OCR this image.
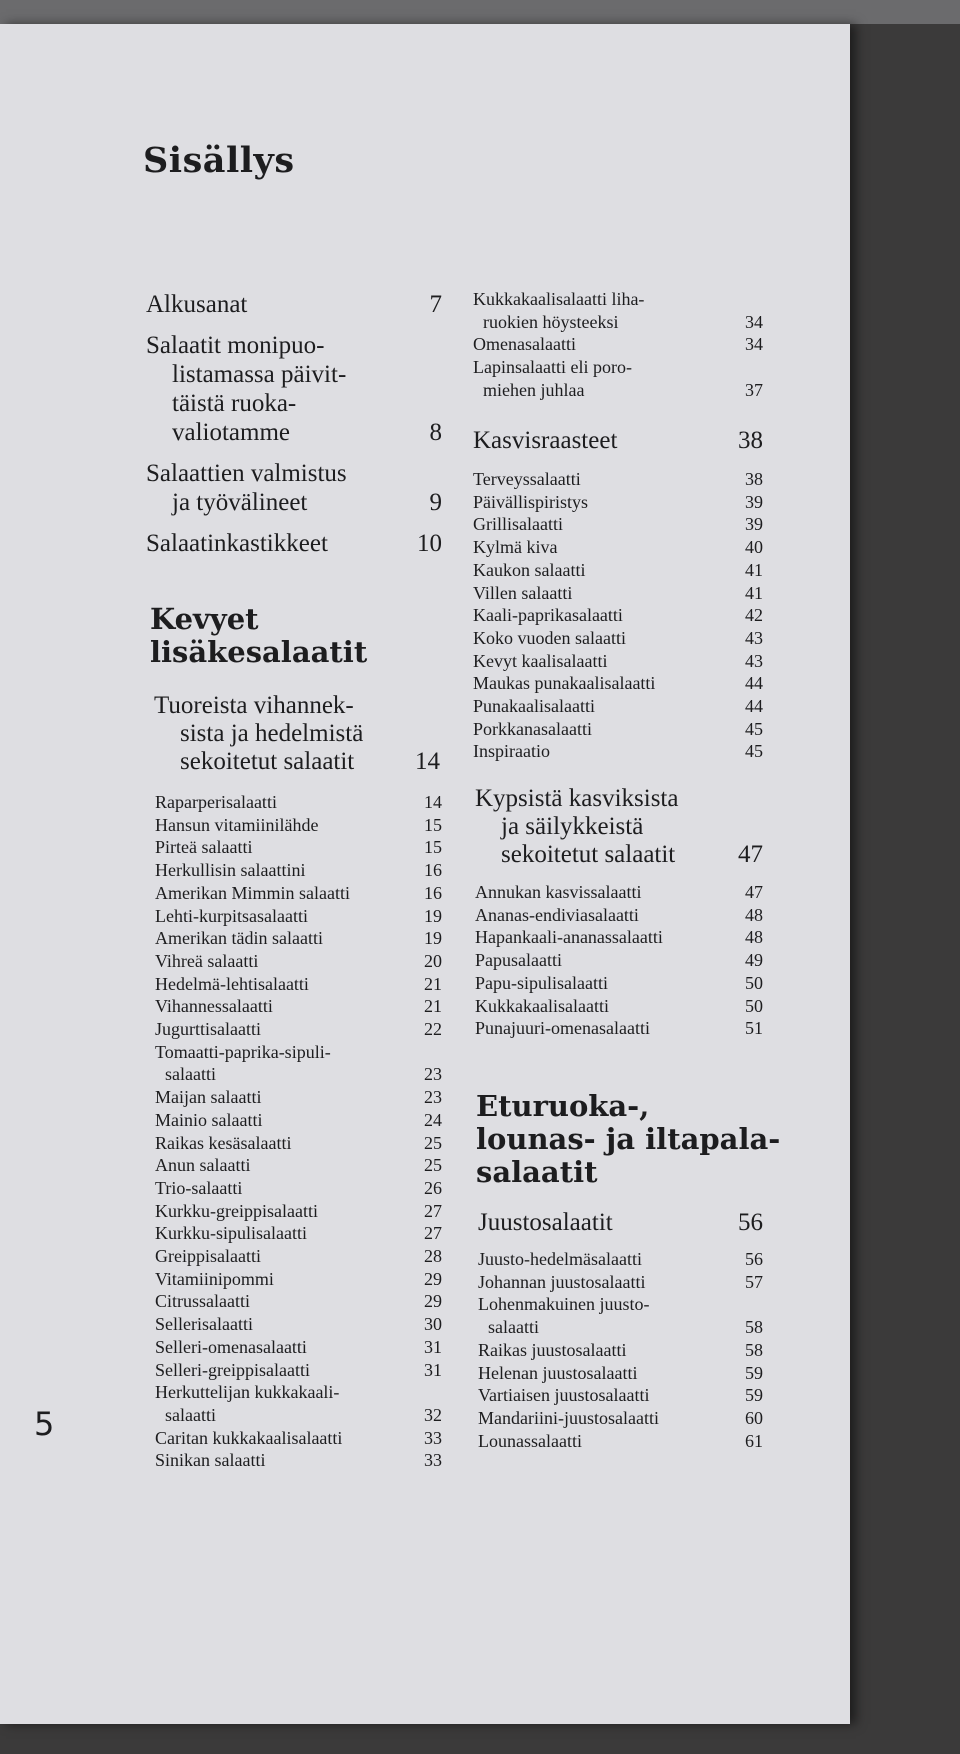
Sisällys
Alkusanat	7
Salaatit monipuo-
listamassa päivit-
täistä ruoka-
valiotamme	8
Salaattien valmistus
ja työvälineet	9
Salaatinkastikkeet	10
Kevyet
lisäkesalaatit
Tuoreista vihannek-
sista ja hedelmistä
sekoitetut salaatit 14
Raparperisalaatti	14
Hansun vitamiinilähde	15
Pirteä salaatti	15
Herkullisin salaattini	16
Amerikan Mimmin salaatti	16
Lehti-kurpitsasalaatti	19
Amerikan tädin salaatti	19
Vihreä salaatti	20
Hedelmä-lehtisalaatti	21
Vihannessalaatti	21
Jugurttisalaatti	22
Tomaatti-paprika-sipuli-
salaatti	23
Maijan salaatti	23
Mainio salaatti	24
Raikas kesäsalaatti	25
Anun salaatti	25
Trio-salaatti	26
Kurkku-greippisalaatti	27
Kurkku-sipulisalaatti	27
Greippisalaatti	28
Vitamiinipommi	29
Citrussalaatti	29
Sellerisalaatti	30
Selleri-omenasalaatti	31
Selleri-greippisalaatti	31
Herkuttelijan kukkakaali-
salaatti	32
Caritan kukkakaalisalaatti	33
Sinikan salaatti	33
Kukkakaalisalaatti liha-
ruokien höysteeksi	34
Omenasalaatti	34
Lapinsalaatti eli poro-
miehen juhlaa	37
Kasvisraasteet	38
Terveyssalaatti	38
Päivällispiristys	39
Grillisalaatti	39
Kylmä kiva	40
Kaukon salaatti	41
Villen salaatti	41
Kaali-paprikasalaatti	42
Koko vuoden salaatti	43
Kevyt kaalisalaatti	43
Maukas punakaalisalaatti	44
Punakaalisalaatti	44
Porkkanasalaatti	45
Inspiraatio	45
Kypsistä kasviksista
ja säilykkeistä
sekoitetut salaatit	47
Annukan kasvissalaatti	47
Ananas-endiviasalaatti	48
Hapankaali-ananassalaatti	48
Papusalaatti	49
Papu-sipulisalaatti	50
Kukkakaalisalaatti	50
Punajuuri-omenasalaatti	51
Eturuoka-,
lounas- ja iltapala-
salaatit
Juustosalaatit	56
Juusto-hedelmäsalaatti	56
Johannan juustosalaatti	57
Lohenmakuinen juusto-
salaatti	58
Raikas juustosalaatti	58
Helenan juustosalaatti	59
Vartiaisen juustosalaatti	59
Mandariini-juustosalaatti	60
Lounassalaatti	61
5
